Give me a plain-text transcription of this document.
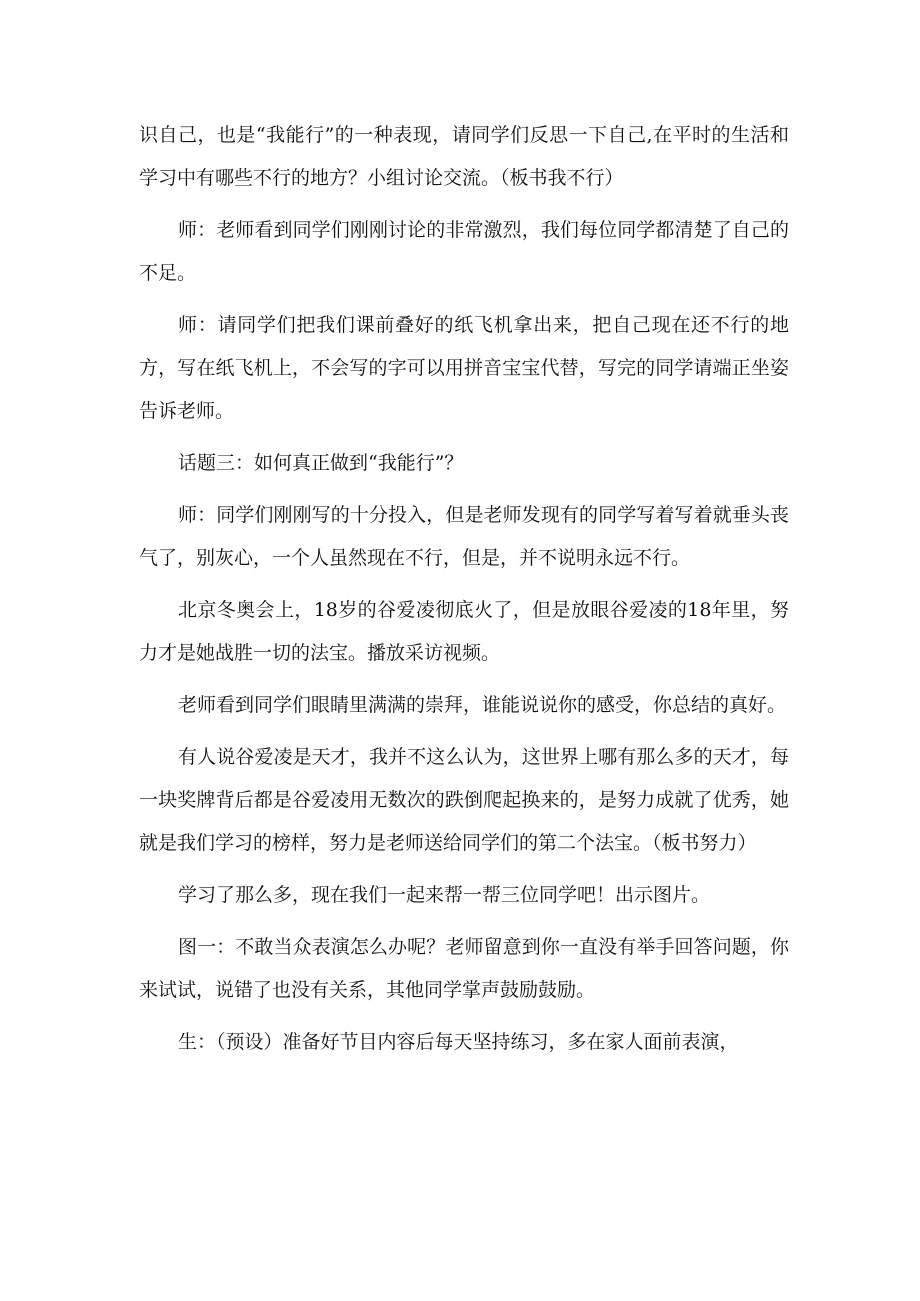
识自己，也是“我能行”的一种表现，请同学们反思一下自己,在平时的生活和学习中有哪些不行的地方？小组讨论交流。（板书我不行）

师：老师看到同学们刚刚讨论的非常激烈，我们每位同学都清楚了自己的不足。

师：请同学们把我们课前叠好的纸飞机拿出来，把自己现在还不行的地方，写在纸飞机上，不会写的字可以用拼音宝宝代替，写完的同学请端正坐姿告诉老师。

话题三：如何真正做到“我能行”？

师：同学们刚刚写的十分投入，但是老师发现有的同学写着写着就垂头丧气了，别灰心，一个人虽然现在不行，但是，并不说明永远不行。

北京冬奥会上，18岁的谷爱凌彻底火了，但是放眼谷爱凌的18年里，努力才是她战胜一切的法宝。播放采访视频。

老师看到同学们眼睛里满满的崇拜，谁能说说你的感受，你总结的真好。

有人说谷爱凌是天才，我并不这么认为，这世界上哪有那么多的天才，每一块奖牌背后都是谷爱凌用无数次的跌倒爬起换来的，是努力成就了优秀，她就是我们学习的榜样，努力是老师送给同学们的第二个法宝。（板书努力）

学习了那么多，现在我们一起来帮一帮三位同学吧！出示图片。

图一：不敢当众表演怎么办呢？老师留意到你一直没有举手回答问题，你来试试，说错了也没有关系，其他同学掌声鼓励鼓励。

生：（预设）准备好节目内容后每天坚持练习，多在家人面前表演，
